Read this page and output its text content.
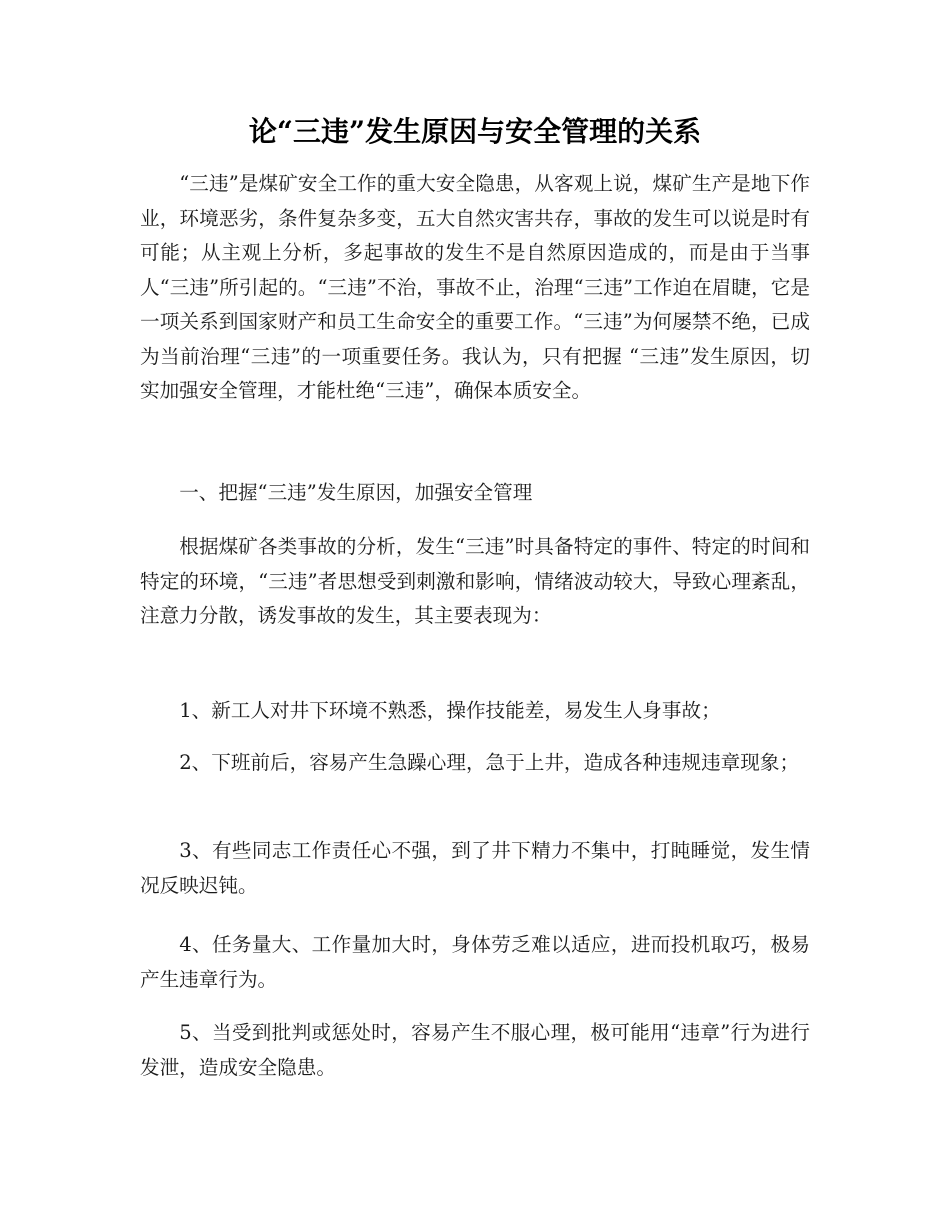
论“三违”发生原因与安全管理的关系

“三违”是煤矿安全工作的重大安全隐患，从客观上说，煤矿生产是地下作业，环境恶劣，条件复杂多变，五大自然灾害共存，事故的发生可以说是时有可能；从主观上分析，多起事故的发生不是自然原因造成的，而是由于当事人“三违”所引起的。“三违”不治，事故不止，治理“三违”工作迫在眉睫，它是一项关系到国家财产和员工生命安全的重要工作。“三违”为何屡禁不绝，已成为当前治理“三违”的一项重要任务。我认为，只有把握 “三违”发生原因，切实加强安全管理，才能杜绝“三违”，确保本质安全。

一、把握“三违”发生原因，加强安全管理

根据煤矿各类事故的分析，发生“三违”时具备特定的事件、特定的时间和特定的环境，“三违”者思想受到刺激和影响，情绪波动较大，导致心理紊乱，注意力分散，诱发事故的发生，其主要表现为：

1、新工人对井下环境不熟悉，操作技能差，易发生人身事故；

2、下班前后，容易产生急躁心理，急于上井，造成各种违规违章现象；

3、有些同志工作责任心不强，到了井下精力不集中，打盹睡觉，发生情况反映迟钝。

4、任务量大、工作量加大时，身体劳乏难以适应，进而投机取巧，极易产生违章行为。

5、当受到批判或惩处时，容易产生不服心理，极可能用“违章”行为进行发泄，造成安全隐患。
